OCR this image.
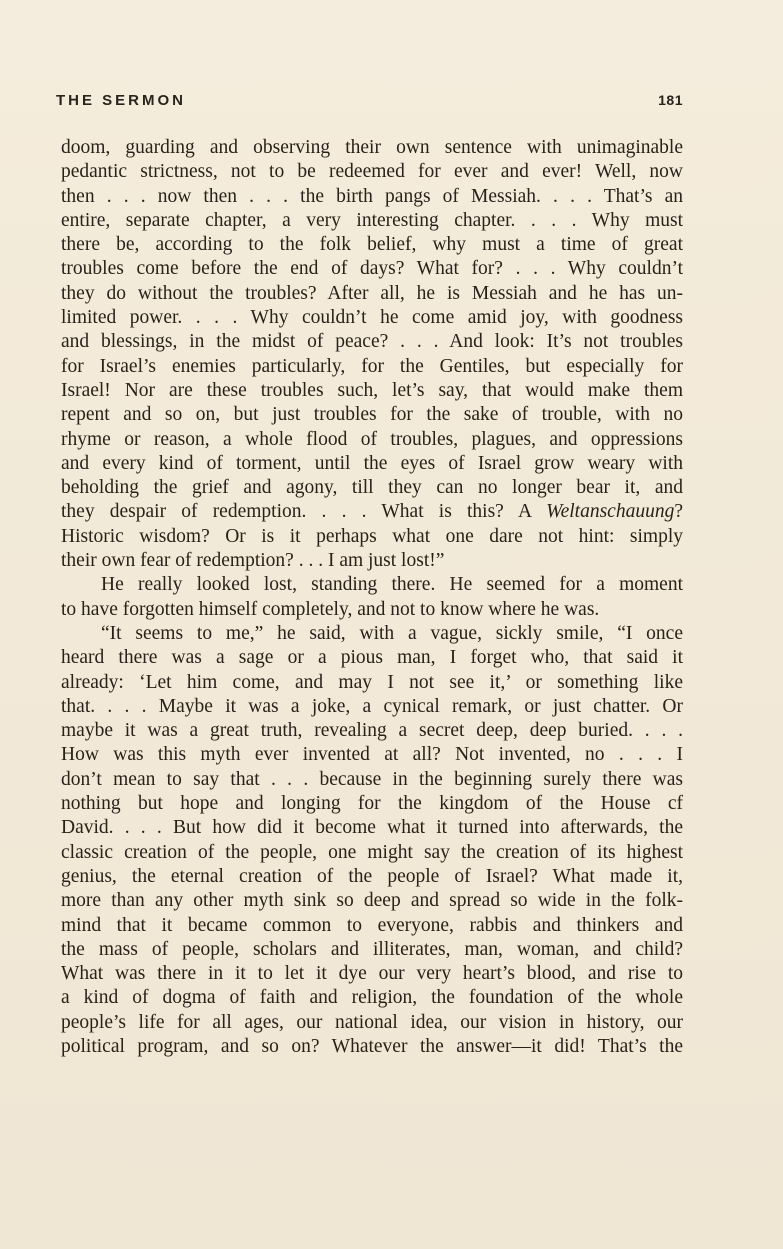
THE SERMON	181
doom, guarding and observing their own sentence with unimaginable
pedantic strictness, not to be redeemed for ever and ever! Well, now
then . . . now then . . . the birth pangs of Messiah. . . . That’s an
entire, separate chapter, a very interesting chapter. . . . Why must
there be, according to the folk belief, why must a time of great
troubles come before the end of days? What for? . . . Why couldn’t
they do without the troubles? After all, he is Messiah and he has un-
limited power. . . . Why couldn’t he come amid joy, with goodness
and blessings, in the midst of peace? . . . And look: It’s not troubles
for Israel’s enemies particularly, for the Gentiles, but especially for
Israel! Nor are these troubles such, let’s say, that would make them
repent and so on, but just troubles for the sake of trouble, with no
rhyme or reason, a whole flood of troubles, plagues, and oppressions
and every kind of torment, until the eyes of Israel grow weary with
beholding the grief and agony, till they can no longer bear it, and
they despair of redemption. . . . What is this? A Weltanschauung?
Historic wisdom? Or is it perhaps what one dare not hint: simply
their own fear of redemption? . . . I am just lost!”
He really looked lost, standing there. He seemed for a moment
to have forgotten himself completely, and not to know where he was.
“It seems to me,” he said, with a vague, sickly smile, “I once
heard there was a sage or a pious man, I forget who, that said it
already: ‘Let him come, and may I not see it,’ or something like
that. . . . Maybe it was a joke, a cynical remark, or just chatter. Or
maybe it was a great truth, revealing a secret deep, deep buried. . . .
How was this myth ever invented at all? Not invented, no . . . I
don’t mean to say that . . . because in the beginning surely there was
nothing but hope and longing for the kingdom of the House cf
David. . . . But how did it become what it turned into afterwards, the
classic creation of the people, one might say the creation of its highest
genius, the eternal creation of the people of Israel? What made it,
more than any other myth sink so deep and spread so wide in the folk-
mind that it became common to everyone, rabbis and thinkers and
the mass of people, scholars and illiterates, man, woman, and child?
What was there in it to let it dye our very heart’s blood, and rise to
a kind of dogma of faith and religion, the foundation of the whole
people’s life for all ages, our national idea, our vision in history, our
political program, and so on? Whatever the answer—it did! That’s the
